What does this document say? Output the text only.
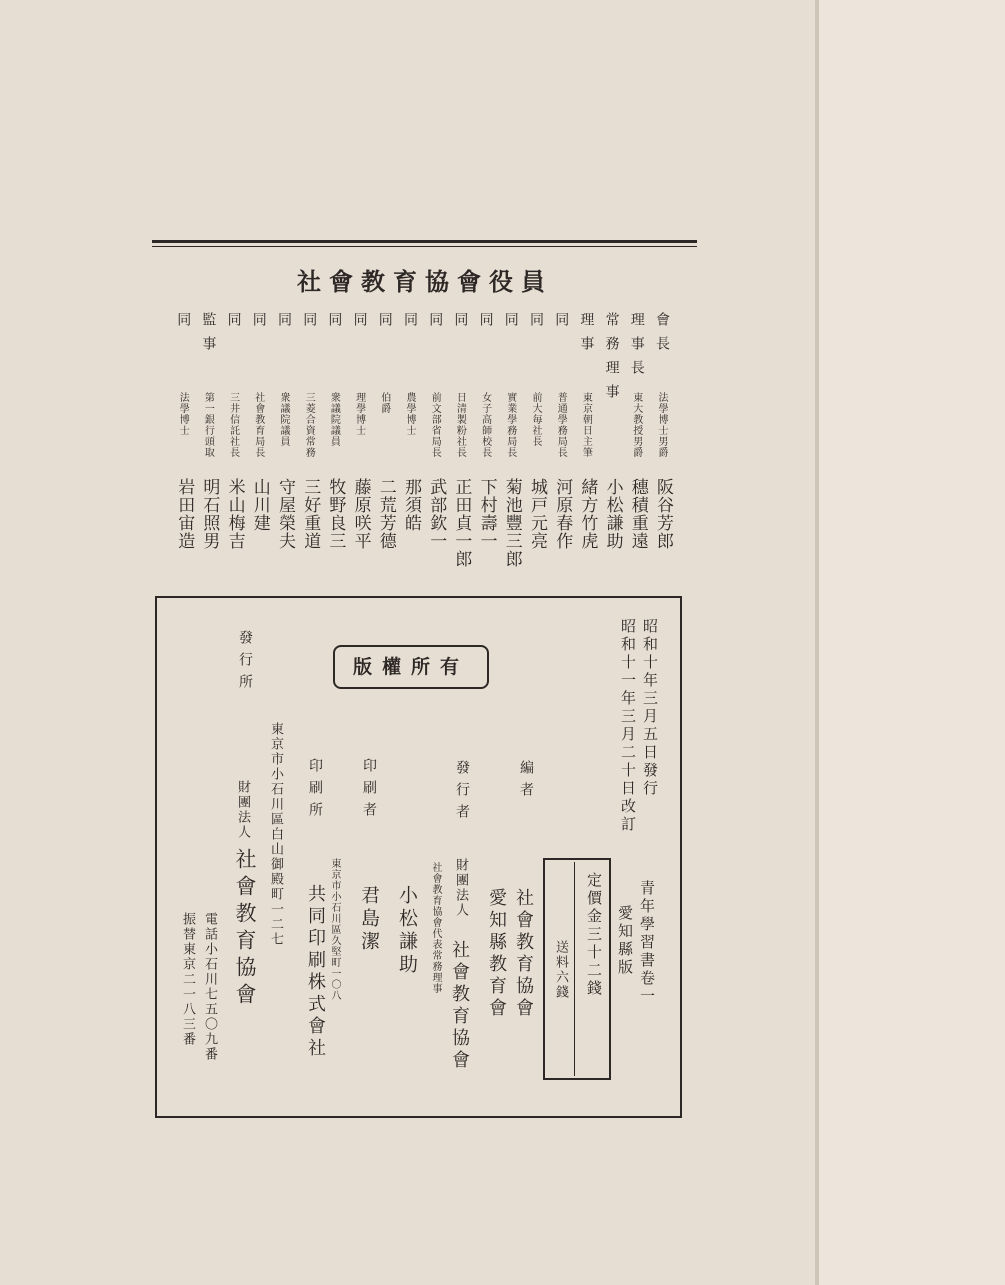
社會教育協會役員
會長
法學博士男爵
阪谷芳郎
理事長
東大教授男爵
穗積重遠
常務理事
小松謙助
理事
東京朝日主筆
緒方竹虎
同
普通學務局長
河原春作
同
前大毎社長
城戸元亮
同
實業學務局長
菊池豐三郎
同
女子高師校長
下村壽一
同
日清製粉社長
正田貞一郎
同
前文部省局長
武部欽一
同
農學博士
那須皓
同
伯爵
二荒芳德
同
理學博士
藤原咲平
同
衆議院議員
牧野良三
同
三菱合資常務
三好重道
同
衆議院議員
守屋榮夫
同
社會教育局長
山川建
同
三井信託社長
米山梅吉
監事
第一銀行頭取
明石照男
同
法學博士
岩田宙造
昭和十年三月五日發行
昭和十一年三月二十日改訂
版權所有
青年學習書卷一
愛知縣版
定價金三十二錢
送料六錢
編者
社會教育協會
愛知縣教育會
發行者
財團法人
社會教育協會代表常務理事
社會教育協會
小松謙助
印刷者
君島潔
印刷所
東京市小石川區久堅町一〇八
共同印刷株式會社
東京市小石川區白山御殿町一二七
發行所
財團法人
社會教育協會
電話小石川七五〇九番
振替東京二一八三番
